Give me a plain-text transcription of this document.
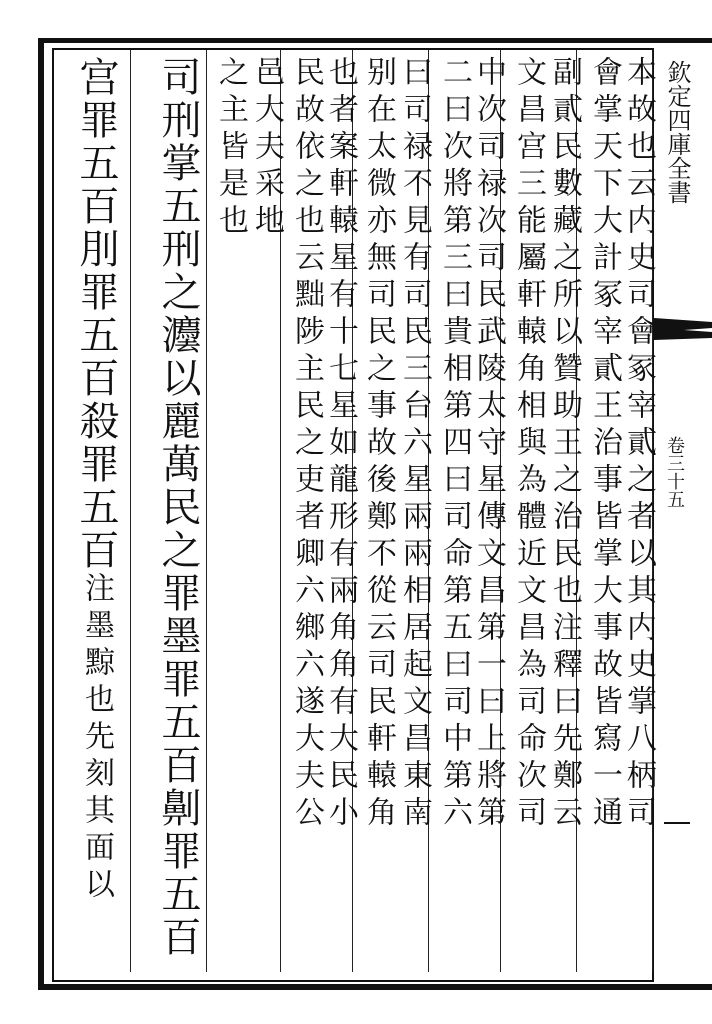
欽定四庫全書
卷三十五
本故也云内史司會冢宰貳之者以其内史掌八柄司
會掌天下大計冢宰貳王治事皆掌大事故皆寫一通
副貳民數藏之所以贊助王之治民也注釋曰先鄭云
文昌宫三能屬軒轅角相與為體近文昌為司命次司
中次司禄次司民武陵太守星傳文昌第一曰上將第
二曰次將第三曰貴相第四曰司命第五曰司中第六
曰司禄不見有司民三台六星兩兩相居起文昌東南
别在太微亦無司民之事故後鄭不從云司民軒轅角
也者案軒轅星有十七星如龍形有兩角角有大民小
民故依之也云黜陟主民之吏者卿六鄉六遂大夫公
邑大夫采地
之主皆是也
司刑掌五刑之灋以麗萬民之罪墨罪五百劓罪五百
宫罪五百刖罪五百殺罪五百注墨黥也先刻其面以
